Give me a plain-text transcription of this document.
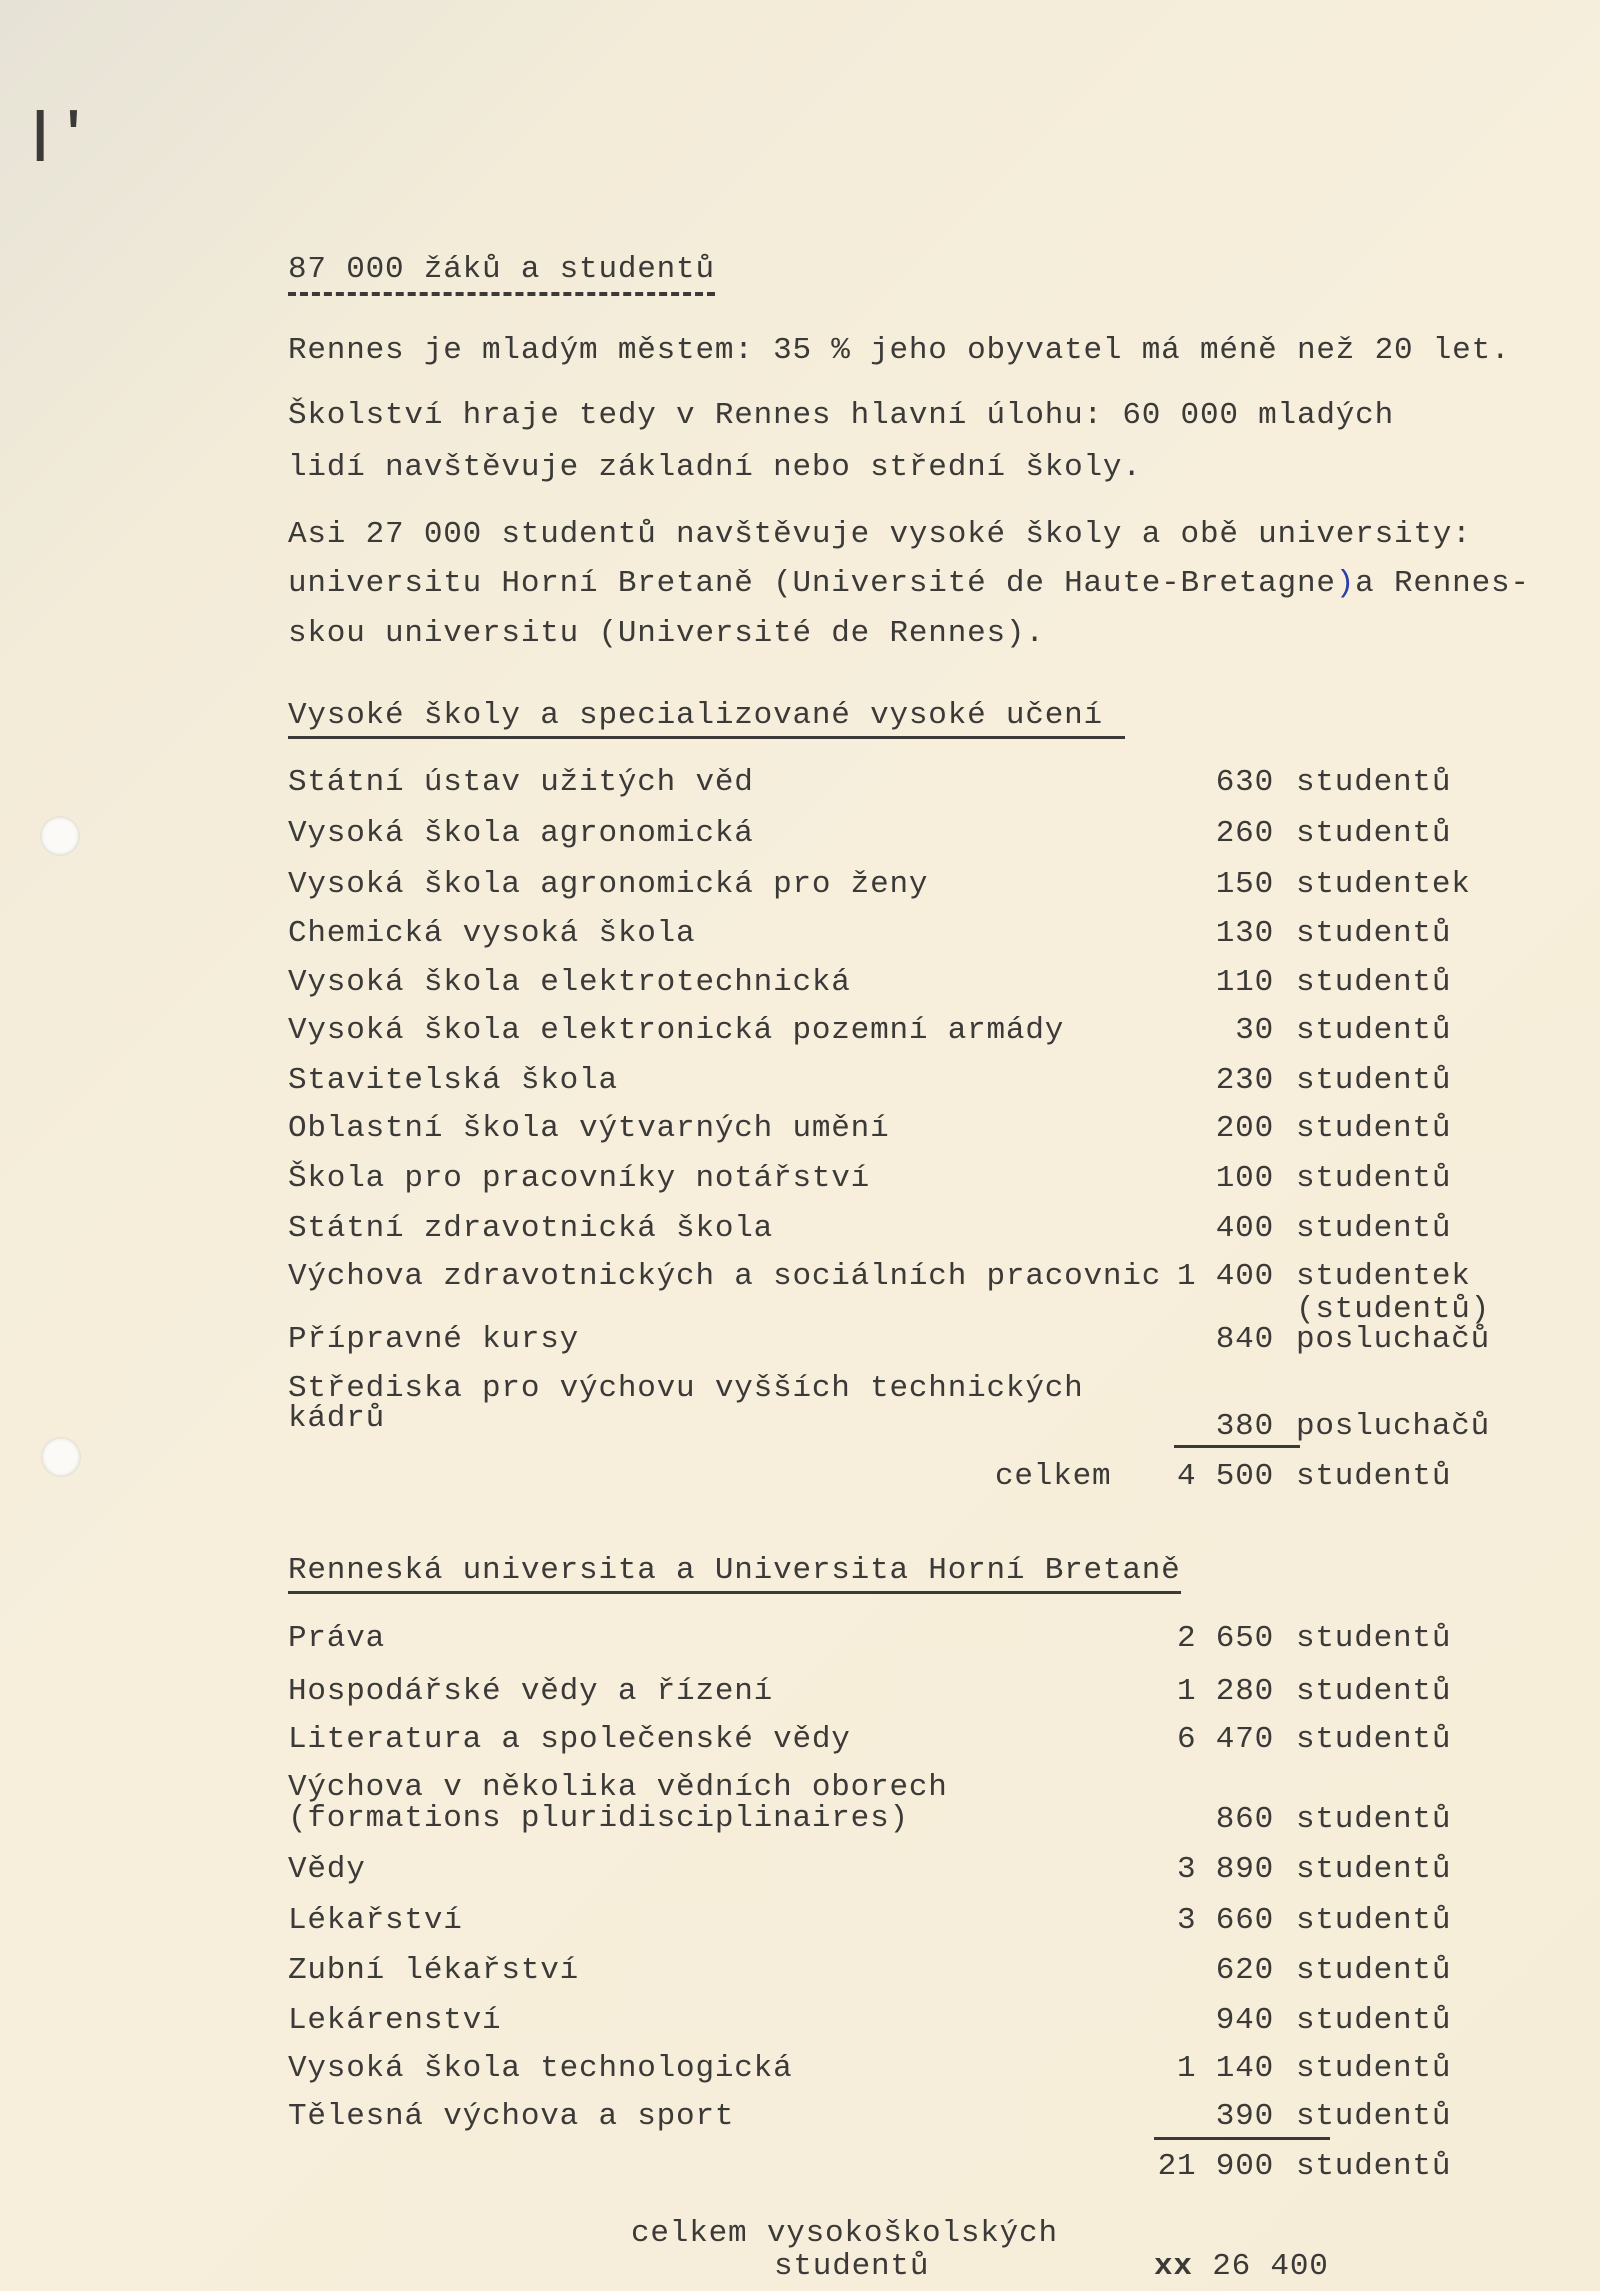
|'
87 000 žáků a studentů
Rennes je mladým městem: 35 % jeho obyvatel má méně než 20 let.
Školství hraje tedy v Rennes hlavní úlohu: 60 000 mladých
lidí navštěvuje základní nebo střední školy.
Asi 27 000 studentů navštěvuje vysoké školy a obě university:
universitu Horní Bretaně (Université de Haute-Bretagne)a Rennes-
skou universitu (Université de Rennes).
Vysoké školy a specializované vysoké učení
Státní ústav užitých věd	630 studentů
Vysoká škola agronomická	260 studentů
Vysoká škola agronomická pro ženy	150 studentek
Chemická vysoká škola	130 studentů
Vysoká škola elektrotechnická	110 studentů
Vysoká škola elektronická pozemní armády	30 studentů
Stavitelská škola	230 studentů
Oblastní škola výtvarných umění	200 studentů
Škola pro pracovníky notářství	100 studentů
Státní zdravotnická škola	400 studentů
Výchova zdravotnických a sociálních pracovnic 1 400 studentek
(studentů)
Přípravné kursy	840 posluchačů
Střediska pro výchovu vyšších technických
kádrů	380 posluchačů
celkem 4 500 studentů
Renneská universita a Universita Horní Bretaně
Práva	2 650 studentů
Hospodářské vědy a řízení	1 280 studentů
Literatura a společenské vědy	6 470 studentů
Výchova v několika vědních oborech
(formations pluridisciplinaires)	860 studentů
Vědy	3 890 studentů
Lékařství	3 660 studentů
Zubní lékařství	620 studentů
Lekárenství	940 studentů
Vysoká škola technologická	1 140 studentů
Tělesná výchova a sport	390 studentů
21 900 studentů
celkem vysokoškolských
studentů	xx 26 400
